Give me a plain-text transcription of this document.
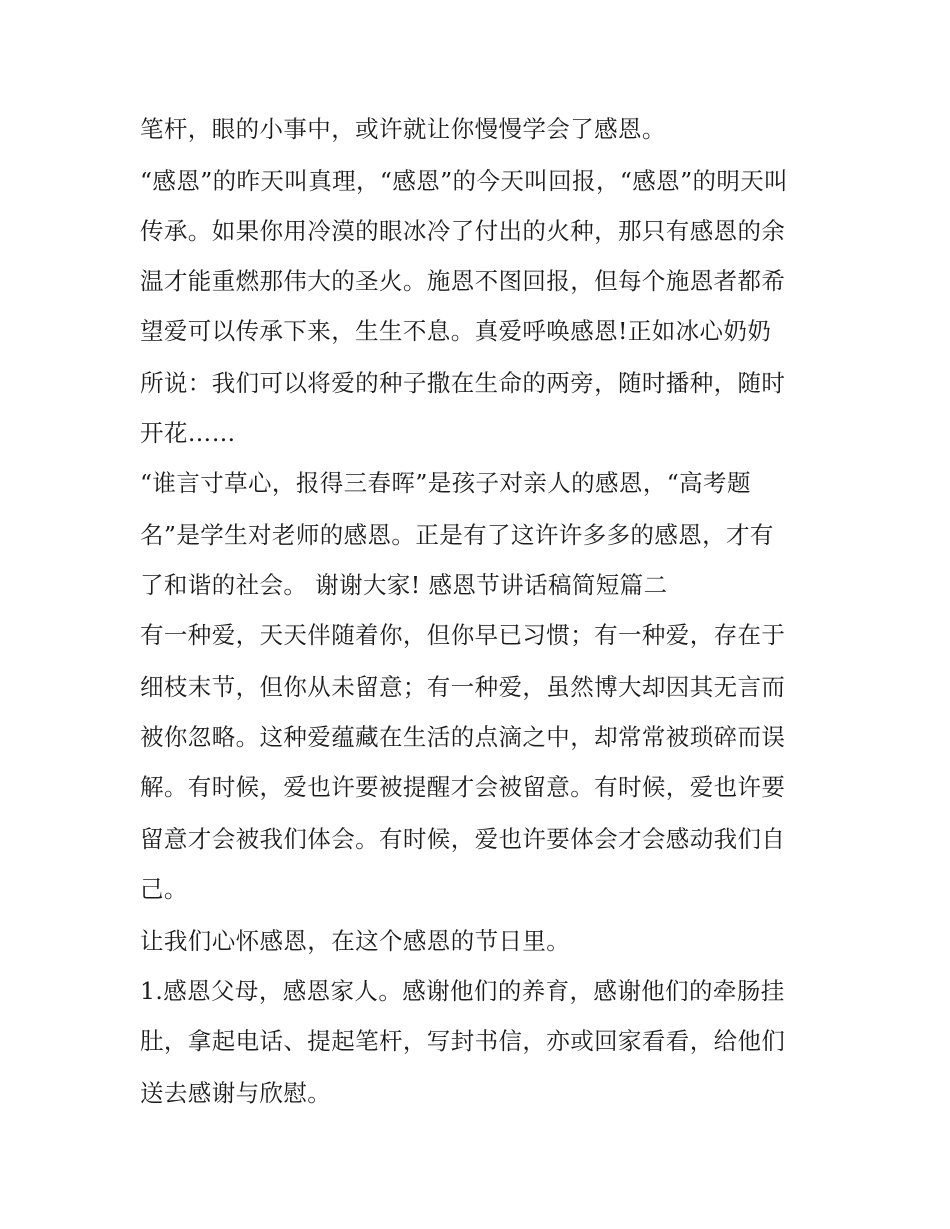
笔杆，眼的小事中，或许就让你慢慢学会了感恩。

“感恩”的昨天叫真理，“感恩”的今天叫回报，“感恩”的明天叫

传承。如果你用冷漠的眼冰冷了付出的火种，那只有感恩的余

温才能重燃那伟大的圣火。施恩不图回报，但每个施恩者都希

望爱可以传承下来，生生不息。真爱呼唤感恩!正如冰心奶奶

所说：我们可以将爱的种子撒在生命的两旁，随时播种，随时

开花……

“谁言寸草心，报得三春晖”是孩子对亲人的感恩，“高考题

名”是学生对老师的感恩。正是有了这许许多多的感恩，才有

了和谐的社会。 谢谢大家! 感恩节讲话稿简短篇二

有一种爱，天天伴随着你，但你早已习惯；有一种爱，存在于

细枝末节，但你从未留意；有一种爱，虽然博大却因其无言而

被你忽略。这种爱蕴藏在生活的点滴之中，却常常被琐碎而误

解。有时候，爱也许要被提醒才会被留意。有时候，爱也许要

留意才会被我们体会。有时候，爱也许要体会才会感动我们自

己。

让我们心怀感恩，在这个感恩的节日里。

1.感恩父母，感恩家人。感谢他们的养育，感谢他们的牵肠挂

肚，拿起电话、提起笔杆，写封书信，亦或回家看看，给他们

送去感谢与欣慰。
